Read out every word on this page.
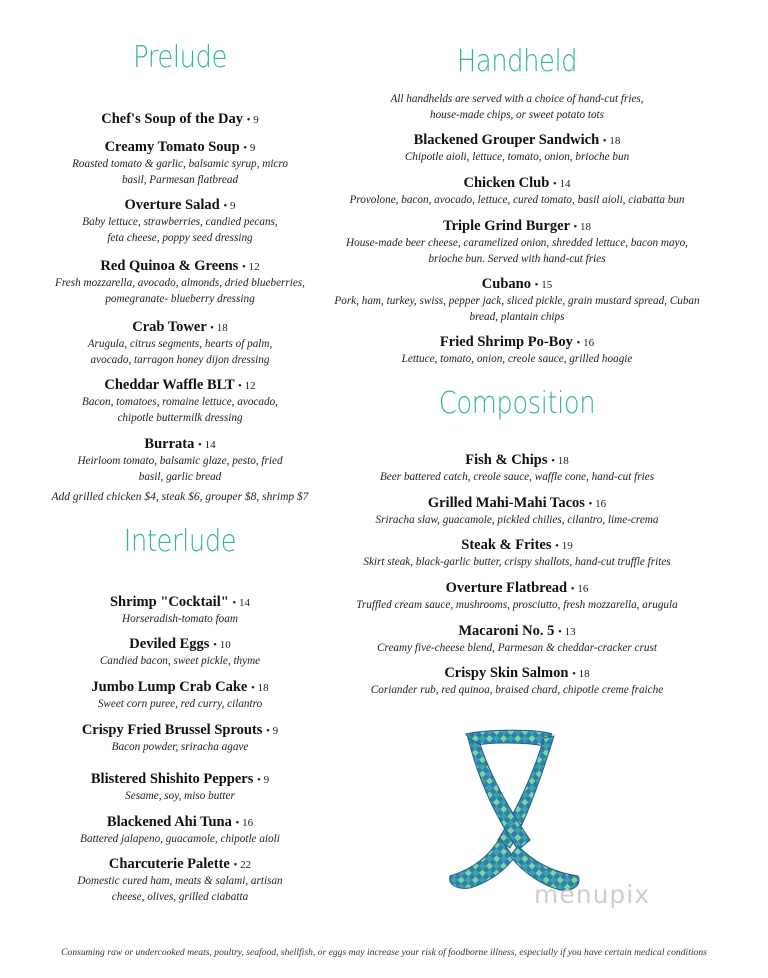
Prelude
Chef's Soup of the Day • 9
Creamy Tomato Soup • 9
Roasted tomato & garlic, balsamic syrup, micro basil, Parmesan flatbread
Overture Salad • 9
Baby lettuce, strawberries, candied pecans, feta cheese, poppy seed dressing
Red Quinoa & Greens • 12
Fresh mozzarella, avocado, almonds, dried blueberries, pomegranate- blueberry dressing
Crab Tower • 18
Arugula, citrus segments, hearts of palm, avocado, tarragon honey dijon dressing
Cheddar Waffle BLT • 12
Bacon, tomatoes, romaine lettuce, avocado, chipotle buttermilk dressing
Burrata • 14
Heirloom tomato, balsamic glaze, pesto, fried basil, garlic bread
Add grilled chicken $4, steak $6, grouper $8, shrimp $7
Interlude
Shrimp "Cocktail" • 14
Horseradish-tomato foam
Deviled Eggs • 10
Candied bacon, sweet pickle, thyme
Jumbo Lump Crab Cake • 18
Sweet corn puree, red curry, cilantro
Crispy Fried Brussel Sprouts • 9
Bacon powder, sriracha agave
Blistered Shishito Peppers • 9
Sesame, soy, miso butter
Blackened Ahi Tuna • 16
Battered jalapeno, guacamole, chipotle aioli
Charcuterie Palette • 22
Domestic cured ham, meats & salami, artisan cheese, olives, grilled ciabatta
Handheld
All handhelds are served with a choice of hand-cut fries, house-made chips, or sweet potato tots
Blackened Grouper Sandwich • 18
Chipotle aioli, lettuce, tomato, onion, brioche bun
Chicken Club • 14
Provolone, bacon, avocado, lettuce, cured tomato, basil aioli, ciabatta bun
Triple Grind Burger • 18
House-made beer cheese, caramelized onion, shredded lettuce, bacon mayo, brioche bun. Served with hand-cut fries
Cubano • 15
Pork, ham, turkey, swiss, pepper jack, sliced pickle, grain mustard spread, Cuban bread, plantain chips
Fried Shrimp Po-Boy • 16
Lettuce, tomato, onion, creole sauce, grilled hoagie
Composition
Fish & Chips • 18
Beer battered catch, creole sauce, waffle cone, hand-cut fries
Grilled Mahi-Mahi Tacos • 16
Sriracha slaw, guacamole, pickled chilies, cilantro, lime-crema
Steak & Frites • 19
Skirt steak, black-garlic butter, crispy shallots, hand-cut truffle frites
Overture Flatbread • 16
Truffled cream sauce, mushrooms, prosciutto, fresh mozzarella, arugula
Macaroni No. 5 • 13
Creamy five-cheese blend, Parmesan & cheddar-cracker crust
Crispy Skin Salmon • 18
Coriander rub, red quinoa, braised chard, chipotle creme fraiche
menupix
Consuming raw or undercooked meats, poultry, seafood, shellfish, or eggs may increase your risk of foodborne illness, especially if you have certain medical conditions
